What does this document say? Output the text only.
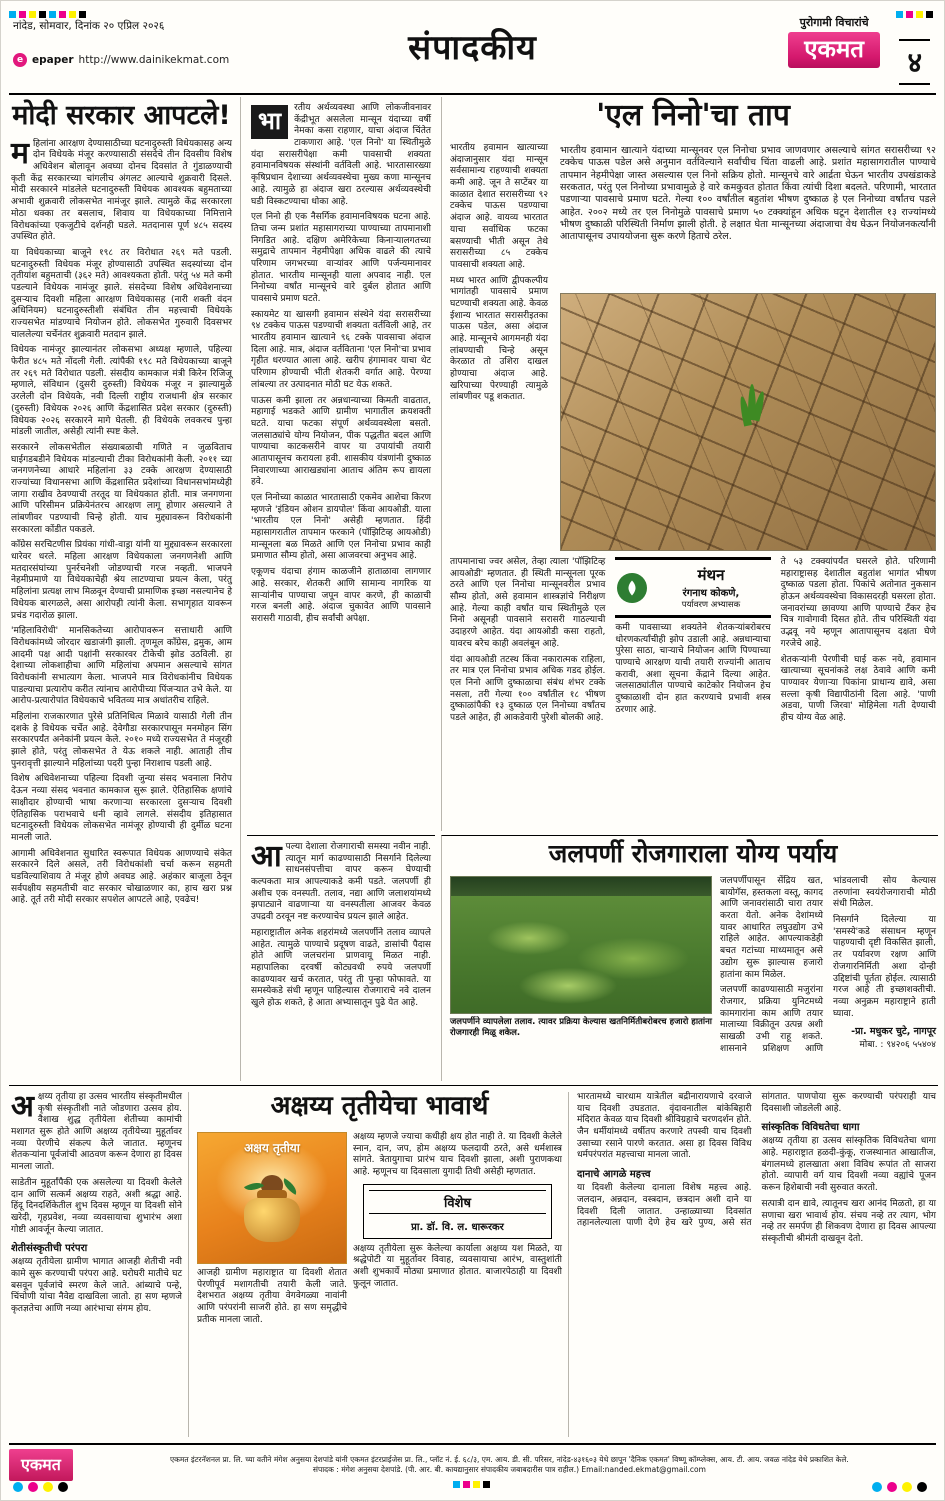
नांदेड, सोमवार, दिनांक २० एप्रिल २०२६
e epaper http://www.dainikekmat.com	संपादकीय
पुरोगामी विचारांचे
एकमत	४
मोदी सरकार आपटले!

महिलांना आरक्षण देण्यासाठीच्या घटनादुरुस्ती विधेयकासह अन्य दोन विधेयके मंजूर करण्यासाठी संसदेचे तीन दिवसीय विशेष अधिवेशन बोलावून अवघ्या दोनच दिवसांत ते गुंडाळण्याची कृती केंद्र सरकारच्या चांगलीच अंगलट आल्याचे शुक्रवारी दिसले. मोदी सरकारने मांडलेले घटनादुरुस्ती विधेयक आवश्यक बहुमताच्या अभावी शुक्रवारी लोकसभेत नामंजूर झाले. त्यामुळे केंद्र सरकारला मोठा धक्का तर बसलाच, शिवाय या विधेयकाच्या निमित्ताने विरोधकांच्या एकजुटीचे दर्शनही घडले. मतदानास पूर्ण ४८५ सदस्य उपस्थित होते.

या विधेयकाच्या बाजूने १९८ तर विरोधात २६९ मते पडली. घटनादुरुस्ती विधेयक मंजूर होण्यासाठी उपस्थित सदस्यांच्या दोन तृतीयांश बहुमताची (३६२ मते) आवश्यकता होती. परंतु ५४ मते कमी पडल्याने विधेयक नामंजूर झाले. संसदेच्या विशेष अधिवेशनाच्या दुसऱ्याच दिवशी महिला आरक्षण विधेयकासह (नारी शक्ती वंदन अधिनियम) घटनादुरुस्तीशी संबंधित तीन महत्त्वाची विधेयके राज्यसभेत मांडण्याचे नियोजन होते. लोकसभेत गुरुवारी दिवसभर चाललेल्या चर्चेनंतर शुक्रवारी मतदान झाले.

विधेयक नामंजूर झाल्यानंतर लोकसभा अध्यक्ष म्हणाले, पहिल्या फेरीत ४८५ मते नोंदली गेली. त्यांपैकी १९८ मते विधेयकाच्या बाजूने तर २६९ मते विरोधात पडली. संसदीय कामकाज मंत्री किरेन रिजिजू म्हणाले, संविधान (दुसरी दुरुस्ती) विधेयक मंजूर न झाल्यामुळे उरलेली दोन विधेयके, नवी दिल्ली राष्ट्रीय राजधानी क्षेत्र सरकार (दुरुस्ती) विधेयक २०२६ आणि केंद्रशासित प्रदेश सरकार (दुरुस्ती) विधेयक २०२६ सरकारने मागे घेतली. ही विधेयके लवकरच पुन्हा मांडली जातील, असेही त्यांनी स्पष्ट केले.

सरकारने लोकसभेतील संख्याबळाची गणिते न जुळविताच घाईगडबडीने विधेयक मांडल्याची टीका विरोधकांनी केली. २०११ च्या जनगणनेच्या आधारे महिलांना ३३ टक्के आरक्षण देण्यासाठी राज्यांच्या विधानसभा आणि केंद्रशासित प्रदेशांच्या विधानसभांमध्येही जागा राखीव ठेवण्याची तरतूद या विधेयकात होती. मात्र जनगणना आणि परिसीमन प्रक्रियेनंतरच आरक्षण लागू होणार असल्याने ते लांबणीवर पडण्याची चिन्हे होती. याच मुद्द्यावरून विरोधकांनी सरकारला कोंडीत पकडले.

काँग्रेस सरचिटणीस प्रियंका गांधी-वाड्रा यांनी या मुद्द्यावरून सरकारला धारेवर धरले. महिला आरक्षण विधेयकाला जनगणनेशी आणि मतदारसंघांच्या पुनर्रचनेशी जोडण्याची गरज नव्हती. भाजपने नेहमीप्रमाणे या विधेयकाचेही श्रेय लाटण्याचा प्रयत्न केला, परंतु महिलांना प्रत्यक्ष लाभ मिळवून देण्याची प्रामाणिक इच्छा नसल्यानेच हे विधेयक बारगळले, असा आरोपही त्यांनी केला. सभागृहात यावरून प्रचंड गदारोळ झाला.

'महिलाविरोधी' मानसिकतेच्या आरोपावरून सत्ताधारी आणि विरोधकांमध्ये जोरदार खडाजंगी झाली. तृणमूल काँग्रेस, द्रमुक, आम आदमी पक्ष आदी पक्षांनी सरकारवर टीकेची झोड उठविली. हा देशाच्या लोकशाहीचा आणि महिलांचा अपमान असल्याचे सांगत विरोधकांनी सभात्याग केला. भाजपने मात्र विरोधकांनीच विधेयक पाडल्याचा प्रत्यारोप करीत त्यांनाच आरोपीच्या पिंजऱ्यात उभे केले. या आरोप-प्रत्यारोपांत विधेयकाचे भवितव्य मात्र अधांतरीच राहिले.

महिलांना राजकारणात पुरेसे प्रतिनिधित्व मिळावे यासाठी गेली तीन दशके हे विधेयक चर्चेत आहे. देवेगौडा सरकारपासून मनमोहन सिंग सरकारपर्यंत अनेकांनी प्रयत्न केले. २०१० मध्ये राज्यसभेत ते मंजूरही झाले होते, परंतु लोकसभेत ते येऊ शकले नाही. आताही तीच पुनरावृत्ती झाल्याने महिलांच्या पदरी पुन्हा निराशाच पडली आहे.

विशेष अधिवेशनाच्या पहिल्या दिवशी जुन्या संसद भवनाला निरोप देऊन नव्या संसद भवनात कामकाज सुरू झाले. ऐतिहासिक क्षणांचे साक्षीदार होण्याची भाषा करणाऱ्या सरकारला दुसऱ्याच दिवशी ऐतिहासिक पराभवाचे धनी व्हावे लागले. संसदीय इतिहासात घटनादुरुस्ती विधेयक लोकसभेत नामंजूर होण्याची ही दुर्मीळ घटना मानली जाते.

आगामी अधिवेशनात सुधारित स्वरूपात विधेयक आणण्याचे संकेत सरकारने दिले असले, तरी विरोधकांशी चर्चा करून सहमती घडविल्याशिवाय ते मंजूर होणे अवघड आहे. अहंकार बाजूला ठेवून सर्वपक्षीय सहमतीची वाट सरकार चोखाळणार का, हाच खरा प्रश्न आहे. तूर्त तरी मोदी सरकार सपशेल आपटले आहे, एवढेच!

भा	रतीय अर्थव्यवस्था आणि लोकजीवनावर केंद्रीभूत असलेला मान्सून यंदाच्या वर्षी नेमका कसा राहणार, याचा अंदाज चिंतेत टाकणारा आहे. 'एल निनो' या स्थितीमुळे यंदा सरासरीपेक्षा कमी पावसाची शक्यता हवामानविषयक संस्थांनी वर्तविली आहे. भारतासारख्या कृषिप्रधान देशाच्या अर्थव्यवस्थेचा मुख्य कणा मान्सूनच आहे. त्यामुळे हा अंदाज खरा ठरल्यास अर्थव्यवस्थेची घडी विस्कटण्याचा धोका आहे.

एल निनो ही एक नैसर्गिक हवामानविषयक घटना आहे. तिचा जन्म प्रशांत महासागराच्या पाण्याच्या तापमानाशी निगडित आहे. दक्षिण अमेरिकेच्या किनाऱ्यालगतच्या समुद्राचे तापमान नेहमीपेक्षा अधिक वाढले की त्याचे परिणाम जगभरच्या वाऱ्यांवर आणि पर्जन्यमानावर होतात. भारतीय मान्सूनही याला अपवाद नाही. एल निनोच्या वर्षांत मान्सूनचे वारे दुर्बल होतात आणि पावसाचे प्रमाण घटते.

स्कायमेट या खासगी हवामान संस्थेने यंदा सरासरीच्या ९४ टक्केच पाऊस पडण्याची शक्यता वर्तविली आहे, तर भारतीय हवामान खात्याने ९६ टक्के पावसाचा अंदाज दिला आहे. मात्र, अंदाज वर्तविताना 'एल निनो'चा प्रभाव गृहीत धरण्यात आला आहे. खरीप हंगामावर याचा थेट परिणाम होण्याची भीती शेतकरी वर्गात आहे. पेरण्या लांबल्या तर उत्पादनात मोठी घट येऊ शकते.

पाऊस कमी झाला तर अन्नधान्याच्या किमती वाढतात, महागाई भडकते आणि ग्रामीण भागातील क्रयशक्ती घटते. याचा फटका संपूर्ण अर्थव्यवस्थेला बसतो. जलसाठ्यांचे योग्य नियोजन, पीक पद्धतीत बदल आणि पाण्याचा काटकसरीने वापर या उपायांची तयारी आतापासूनच करायला हवी. शासकीय यंत्रणांनी दुष्काळ निवारणाच्या आराखड्यांना आताच अंतिम रूप द्यायला हवे.

एल निनोच्या काळात भारतासाठी एकमेव आशेचा किरण म्हणजे 'इंडियन ओशन डायपोल' किंवा आयओडी. याला 'भारतीय एल निनो' असेही म्हणतात. हिंदी महासागरातील तापमान फरकाने (पॉझिटिव्ह आयओडी) मान्सूनला बळ मिळते आणि एल निनोचा प्रभाव काही प्रमाणात सौम्य होतो, असा आजवरचा अनुभव आहे.

एकूणच यंदाचा हंगाम काळजीने हाताळावा लागणार आहे. सरकार, शेतकरी आणि सामान्य नागरिक या साऱ्यांनीच पाण्याचा जपून वापर करणे, ही काळाची गरज बनली आहे. अंदाज चुकावेत आणि पावसाने सरासरी गाठावी, हीच सर्वांची अपेक्षा.

आपल्या देशाला रोजगाराची समस्या नवीन नाही. त्यातून मार्ग काढण्यासाठी निसर्गाने दिलेल्या साधनसंपत्तीचा वापर करून घेण्याची कल्पकता मात्र आपल्याकडे कमी पडते. जलपर्णी ही अशीच एक वनस्पती. तलाव, नद्या आणि जलाशयांमध्ये झपाट्याने वाढणाऱ्या या वनस्पतीला आजवर केवळ उपद्रवी ठरवून नष्ट करण्याचेच प्रयत्न झाले आहेत.

महाराष्ट्रातील अनेक शहरांमध्ये जलपर्णीने तलाव व्यापले आहेत. त्यामुळे पाण्याचे प्रदूषण वाढते, डासांची पैदास होते आणि जलचरांना प्राणवायू मिळत नाही. महापालिका दरवर्षी कोट्यवधी रुपये जलपर्णी काढण्यावर खर्च करतात, परंतु ती पुन्हा फोफावते. या समस्येकडे संधी म्हणून पाहिल्यास रोजगाराचे नवे दालन खुले होऊ शकते, हे आता अभ्यासातून पुढे येत आहे.

'एल निनो'चा ताप

भारतीय हवामान खात्याच्या अंदाजानुसार यंदा मान्सून सर्वसामान्य राहण्याची शक्यता कमी आहे. जून ते सप्टेंबर या काळात देशात सरासरीच्या ९२ टक्केच पाऊस पडण्याचा अंदाज आहे. वायव्य भारतात याचा सर्वाधिक फटका बसण्याची भीती असून तेथे सरासरीच्या ८५ टक्केच पावसाची शक्यता आहे.

मध्य भारत आणि द्वीपकल्पीय भागांतही पावसाचे प्रमाण घटण्याची शक्यता आहे. केवळ ईशान्य भारतात सरासरीइतका पाऊस पडेल, असा अंदाज आहे. मान्सूनचे आगमनही यंदा लांबण्याची चिन्हे असून केरळात तो उशिरा दाखल होण्याचा अंदाज आहे. खरिपाच्या पेरण्याही त्यामुळे लांबणीवर पडू शकतात.

भारतीय हवामान खात्याने यंदाच्या मान्सूनवर एल निनोचा प्रभाव जाणवणार असल्याचे सांगत सरासरीच्या ९२ टक्केच पाऊस पडेल असे अनुमान वर्तविल्याने सर्वांचीच चिंता वाढली आहे. प्रशांत महासागरातील पाण्याचे तापमान नेहमीपेक्षा जास्त असल्यास एल निनो सक्रिय होतो. मान्सूनचे वारे आर्द्रता घेऊन भारतीय उपखंडाकडे सरकतात, परंतु एल निनोच्या प्रभावामुळे हे वारे कमकुवत होतात किंवा त्यांची दिशा बदलते. परिणामी, भारतात पडणाऱ्या पावसाचे प्रमाण घटते. गेल्या १०० वर्षांतील बहुतांश भीषण दुष्काळ हे एल निनोच्या वर्षांतच पडले आहेत. २००२ मध्ये तर एल निनोमुळे पावसाचे प्रमाण ५० टक्क्यांहून अधिक घटून देशातील १३ राज्यांमध्ये भीषण दुष्काळी परिस्थिती निर्माण झाली होती. हे लक्षात घेता मान्सूनच्या अंदाजाचा वेध घेऊन नियोजनकर्त्यांनी आतापासूनच उपाययोजना सुरू करणे हिताचे ठरेल.

तापमानाचा ज्वर असेल, तेव्हा त्याला 'पॉझिटिव्ह आयओडी' म्हणतात. ही स्थिती मान्सूनला पूरक ठरते आणि एल निनोचा मान्सूनवरील प्रभाव सौम्य होतो, असे हवामान शास्त्रज्ञांचे निरीक्षण आहे. गेल्या काही वर्षांत याच स्थितीमुळे एल निनो असूनही पावसाने सरासरी गाठल्याची उदाहरणे आहेत. यंदा आयओडी कसा राहतो, यावरच बरेच काही अवलंबून आहे.

यंदा आयओडी तटस्थ किंवा नकारात्मक राहिला, तर मात्र एल निनोचा प्रभाव अधिक गडद होईल. एल निनो आणि दुष्काळाचा संबंध शंभर टक्के नसला, तरी गेल्या १०० वर्षांतील १८ भीषण दुष्काळांपैकी १३ दुष्काळ एल निनोच्या वर्षांतच पडले आहेत, ही आकडेवारी पुरेशी बोलकी आहे.

मंथन
रंगनाथ कोकणे,
पर्यावरण अभ्यासक

कमी पावसाच्या शक्यतेने शेतकऱ्यांबरोबरच धोरणकर्त्यांचीही झोप उडाली आहे. अन्नधान्याचा पुरेसा साठा, चाऱ्याचे नियोजन आणि पिण्याच्या पाण्याचे आरक्षण याची तयारी राज्यांनी आताच करावी, अशा सूचना केंद्राने दिल्या आहेत. जलसाठ्यांतील पाण्याचे काटेकोर नियोजन हेच दुष्काळाशी दोन हात करण्याचे प्रभावी शस्त्र ठरणार आहे.

ते ५३ टक्क्यांपर्यंत घसरले होते. परिणामी महाराष्ट्रासह देशातील बहुतांश भागांत भीषण दुष्काळ पडला होता. पिकांचे अतोनात नुकसान होऊन अर्थव्यवस्थेचा विकासदरही घसरला होता. जनावरांच्या छावण्या आणि पाण्याचे टँकर हेच चित्र गावोगावी दिसत होते. तीच परिस्थिती यंदा उद्भवू नये म्हणून आतापासूनच दक्षता घेणे गरजेचे आहे.

शेतकऱ्यांनी पेरणीची घाई करू नये, हवामान खात्याच्या सूचनांकडे लक्ष ठेवावे आणि कमी पाण्यावर येणाऱ्या पिकांना प्राधान्य द्यावे, असा सल्ला कृषी विद्यापीठांनी दिला आहे. 'पाणी अडवा, पाणी जिरवा' मोहिमेला गती देण्याची हीच योग्य वेळ आहे.

जलपर्णी रोजगाराला योग्य पर्याय
जलपर्णीने व्यापलेला तलाव. त्यावर प्रक्रिया केल्यास खतनिर्मितीबरोबरच हजारो हातांना रोजगारही मिळू शकेल.

जलपर्णीपासून सेंद्रिय खत, बायोगॅस, हस्तकला वस्तू, कागद आणि जनावरांसाठी चारा तयार करता येतो. अनेक देशांमध्ये यावर आधारित लघुउद्योग उभे राहिले आहेत. आपल्याकडेही बचत गटांच्या माध्यमातून असे उद्योग सुरू झाल्यास हजारो हातांना काम मिळेल.

जलपर्णी काढण्यासाठी मजुरांना रोजगार, प्रक्रिया युनिटमध्ये कामगारांना काम आणि तयार मालाच्या विक्रीतून उत्पन्न अशी साखळी उभी राहू शकते. शासनाने प्रशिक्षण आणि भांडवलाची सोय केल्यास तरुणांना स्वयंरोजगाराची मोठी संधी मिळेल.

निसर्गाने दिलेल्या या 'समस्ये'कडे संसाधन म्हणून पाहण्याची दृष्टी विकसित झाली, तर पर्यावरण रक्षण आणि रोजगारनिर्मिती अशा दोन्ही उद्दिष्टांची पूर्तता होईल. त्यासाठी गरज आहे ती इच्छाशक्तीची. नव्या अनुक्रम महाराष्ट्राने हाती घ्यावा.

-प्रा. मधुकर चुटे, नागपूर
मोबा. : ९४२०६ ५५४०४

अक्षय्य तृतीया हा उत्सव भारतीय संस्कृतीमधील कृषी संस्कृतीशी नाते जोडणारा उत्सव होय. वैशाख शुद्ध तृतीयेला शेतीच्या कामांची मशागत सुरू होते आणि अक्षय्य तृतीयेच्या मुहूर्तावर नव्या पेरणीचे संकल्प केले जातात. म्हणूनच शेतकऱ्यांना पूर्वजांची आठवण करून देणारा हा दिवस मानला जातो.

साडेतीन मुहूर्तांपैकी एक असलेल्या या दिवशी केलेले दान आणि सत्कर्म अक्षय्य राहते, अशी श्रद्धा आहे. हिंदू दिनदर्शिकेतील शुभ दिवस म्हणून या दिवशी सोने खरेदी, गृहप्रवेश, नव्या व्यवसायाचा शुभारंभ अशा गोष्टी आवर्जून केल्या जातात.

शेतीसंस्कृतीची परंपरा

अक्षय्य तृतीयेला ग्रामीण भागात आजही शेतीची नवी कामे सुरू करण्याची परंपरा आहे. घरोघरी मातीचे घट बसवून पूर्वजांचे स्मरण केले जाते. आंब्याचे पन्हे, चिंचोणी यांचा नैवेद्य दाखविला जातो. हा सण म्हणजे कृतज्ञतेचा आणि नव्या आरंभाचा संगम होय.

अक्षय्य तृतीयेचा भावार्थ
अक्षय तृतीया

आजही ग्रामीण महाराष्ट्रात या दिवशी शेतात पेरणीपूर्व मशागतीची तयारी केली जाते. देशभरात अक्षय्य तृतीया वेगवेगळ्या नावांनी आणि परंपरांनी साजरी होते. हा सण समृद्धीचे प्रतीक मानला जातो.

अक्षय्य म्हणजे ज्याचा कधीही क्षय होत नाही ते. या दिवशी केलेले स्नान, दान, जप, होम अक्षय्य फलदायी ठरते, असे धर्मशास्त्र सांगते. त्रेतायुगाचा प्रारंभ याच दिवशी झाला, अशी पुराणकथा आहे. म्हणूनच या दिवसाला युगादी तिथी असेही म्हणतात.

विशेष
प्रा. डॉ. वि. ल. धारूरकर

अक्षय्य तृतीयेला सुरू केलेल्या कार्याला अक्षय्य यश मिळते, या श्रद्धेपोटी या मुहूर्तावर विवाह, व्यवसायाचा आरंभ, वास्तुशांती अशी शुभकार्ये मोठ्या प्रमाणात होतात. बाजारपेठाही या दिवशी फुलून जातात.

भारतामध्ये चारधाम यात्रेतील बद्रीनारायणाचे दरवाजे याच दिवशी उघडतात. वृंदावनातील बांकेबिहारी मंदिरात केवळ याच दिवशी श्रीविग्रहाचे चरणदर्शन होते. जैन धर्मीयांमध्ये वर्षीतप करणारे तपस्वी याच दिवशी उसाच्या रसाने पारणे करतात. असा हा दिवस विविध धर्मपरंपरांत महत्त्वाचा मानला जातो.

दानाचे आगळे महत्त्व

या दिवशी केलेल्या दानाला विशेष महत्त्व आहे. जलदान, अन्नदान, वस्त्रदान, छत्रदान अशी दाने या दिवशी दिली जातात. उन्हाळ्याच्या दिवसांत तहानलेल्याला पाणी देणे हेच खरे पुण्य, असे संत सांगतात. पाणपोया सुरू करण्याची परंपराही याच दिवसाशी जोडलेली आहे.

सांस्कृतिक विविधतेचा धागा

अक्षय्य तृतीया हा उत्सव सांस्कृतिक विविधतेचा धागा आहे. महाराष्ट्रात हळदी-कुंकू, राजस्थानात आखातीज, बंगालमध्ये हालखाता अशा विविध रूपांत तो साजरा होतो. व्यापारी वर्ग याच दिवशी नव्या वह्यांचे पूजन करून हिशेबाची नवी सुरुवात करतो.

सत्पात्री दान द्यावे, त्यातूनच खरा आनंद मिळतो, हा या सणाचा खरा भावार्थ होय. संचय नव्हे तर त्याग, भोग नव्हे तर समर्पण ही शिकवण देणारा हा दिवस आपल्या संस्कृतीची श्रीमंती दाखवून देतो.

एकमत	एकमत इंटरनॅशनल प्रा. लि. च्या वतीने मंगेश अनुसया देशपांडे यांनी एकमत इंटरप्राईजेस प्रा. लि., प्लॉट नं. ई. ६८/३, एम. आय. डी. सी. परिसर, नांदेड-४३१६०३ येथे छापून 'दैनिक एकमत' विष्णू कॉम्प्लेक्स, आय. टी. आय. जवळ नांदेड येथे प्रकाशित केले.

संपादक : मंगेश अनुसया देशपांडे. (पी. आर. बी. कायद्यानुसार संपादकीय जबाबदारीस पात्र राहील.) Email:nanded.ekmat@gmail.com
